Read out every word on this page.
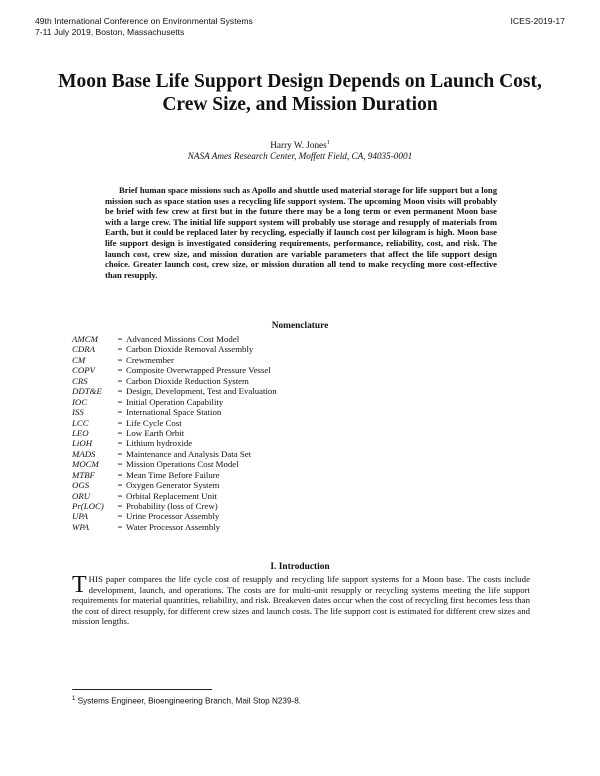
49th International Conference on Environmental Systems
7-11 July 2019, Boston, Massachusetts
ICES-2019-17
Moon Base Life Support Design Depends on Launch Cost,
Crew Size, and Mission Duration
Harry W. Jones$^1$
NASA Ames Research Center, Moffett Field, CA, 94035-0001

Brief human space missions such as Apollo and shuttle used material storage for life support but a long mission such as space station uses a recycling life support system. The upcoming Moon visits will probably be brief with few crew at first but in the future there may be a long term or even permanent Moon base with a large crew. The initial life support system will probably use storage and resupply of materials from Earth, but it could be replaced later by recycling, especially if launch cost per kilogram is high. Moon base life support design is investigated considering requirements, performance, reliability, cost, and risk. The launch cost, crew size, and mission duration are variable parameters that affect the life support design choice. Greater launch cost, crew size, or mission duration all tend to make recycling more cost-effective than resupply.

Nomenclature
AMCM	= Advanced Missions Cost Model
CDRA	= Carbon Dioxide Removal Assembly
CM	= Crewmember
COPV	= Composite Overwrapped Pressure Vessel
CRS	= Carbon Dioxide Reduction System
DDT&E	= Design, Development, Test and Evaluation
IOC	= Initial Operation Capability
ISS	= International Space Station
LCC	= Life Cycle Cost
LEO	= Low Earth Orbit
LiOH	= Lithium hydroxide
MADS	= Maintenance and Analysis Data Set
MOCM	= Mission Operations Cost Model
MTBF	= Mean Time Before Failure
OGS	= Oxygen Generator System
ORU	= Orbital Replacement Unit
Pr(LOC)	= Probability (loss of Crew)
UPA	= Urine Processor Assembly
WPA	= Water Processor Assembly
I. Introduction

THIS paper compares the life cycle cost of resupply and recycling life support systems for a Moon base. The costs include development, launch, and operations. The costs are for multi-unit resupply or recycling systems meeting the life support requirements for material quantities, reliability, and risk. Breakeven dates occur when the cost of recycling first becomes less than the cost of direct resupply, for different crew sizes and launch costs. The life support cost is estimated for different crew sizes and mission lengths.

$^1$ Systems Engineer, Bioengineering Branch, Mail Stop N239-8.
